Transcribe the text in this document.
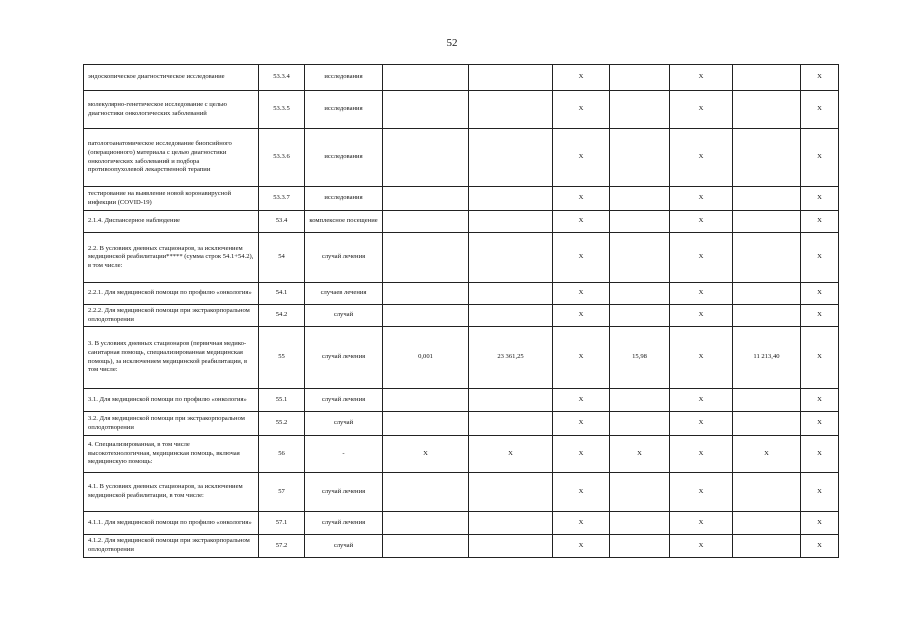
52
эндоскопическое диагностическое исследование	53.3.4	исследования			X		X		X
молекулярно-генетическое исследование с целью диагностики онкологических заболеваний	53.3.5	исследования			X		X		X
патологоанатомическое исследование биопсийного (операционного) материала с целью диагностики онкологических заболеваний и подбора противоопухолевой лекарственной терапии	53.3.6	исследования			X		X		X
тестирование на выявление новой коронавирусной инфекции (COVID-19)	53.3.7	исследования			X		X		X
2.1.4. Диспансерное наблюдение	53.4	комплексное посещение			X		X		X
2.2. В условиях дневных стационаров, за исключением медицинской реабилитации***** (сумма строк 54.1+54.2), в том числе:	54	случай лечения			X		X		X
2.2.1. Для медицинской помощи по профилю «онкология»	54.1	случаев лечения			X		X		X
2.2.2. Для медицинской помощи при экстракорпоральном оплодотворении	54.2	случай			X		X		X
3. В условиях дневных стационаров (первичная медико-санитарная помощь, специализированная медицинская помощь), за исключением медицинской реабилитации, в том числе:	55	случай лечения	0,001	23 361,25	X	15,98	X	11 213,40	X
3.1. Для медицинской помощи по профилю «онкология»	55.1	случай лечения			X		X		X
3.2. Для медицинской помощи при экстракорпоральном оплодотворении	55.2	случай			X		X		X
4. Специализированная, в том числе высокотехнологичная, медицинская помощь, включая медицинскую помощь:	56	-	X	X	X	X	X	X	X
4.1. В условиях дневных стационаров, за исключением медицинской реабилитации, в том числе:	57	случай лечения			X		X		X
4.1.1. Для медицинской помощи по профилю «онкология»	57.1	случай лечения			X		X		X
4.1.2. Для медицинской помощи при экстракорпоральном оплодотворении	57.2	случай			X		X		X
